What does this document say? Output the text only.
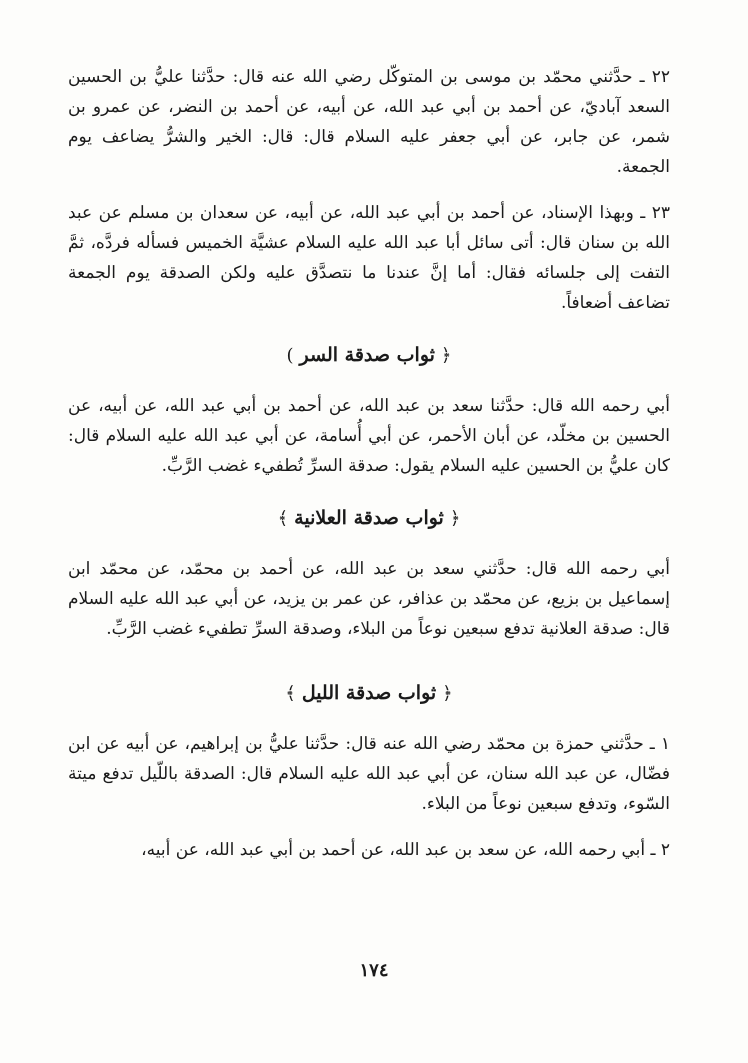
٢٢ ـ حدَّثني محمّد بن موسى بن المتوكّل رضي الله عنه قال: حدَّثنا عليُّ بن الحسين السعد آباديّ، عن أحمد بن أبي عبد الله، عن أبيه، عن أحمد بن النضر، عن عمرو بن شمر، عن جابر، عن أبي جعفر عليه السلام قال: قال: الخير والشرُّ يضاعف يوم الجمعة.

٢٣ ـ وبهذا الإسناد، عن أحمد بن أبي عبد الله، عن أبيه، عن سعدان بن مسلم عن عبد الله بن سنان قال: أتى سائل أبا عبد الله عليه السلام عشيَّة الخميس فسأله فردَّه، ثمَّ التفت إلى جلسائه فقال: أما إنَّ عندنا ما نتصدَّق عليه ولكن الصدقة يوم الجمعة تضاعف أضعافاً.

﴿ثواب صدقة السر)

أبي رحمه الله قال: حدَّثنا سعد بن عبد الله، عن أحمد بن أبي عبد الله، عن أبيه، عن الحسين بن مخلّد، عن أبان الأحمر، عن أبي أُسامة، عن أبي عبد الله عليه السلام قال: كان عليُّ بن الحسين عليه السلام يقول: صدقة السرِّ تُطفيء غضب الرَّبِّ.

﴿ثواب صدقة العلانية﴾

أبي رحمه الله قال: حدَّثني سعد بن عبد الله، عن أحمد بن محمّد، عن محمّد ابن إسماعيل بن بزيع، عن محمّد بن عذافر، عن عمر بن يزيد، عن أبي عبد الله عليه السلام قال: صدقة العلانية تدفع سبعين نوعاً من البلاء، وصدقة السرِّ تطفيء غضب الرَّبِّ.

﴿ثواب صدقة الليل﴾

١ ـ حدَّثني حمزة بن محمّد رضي الله عنه قال: حدَّثنا عليُّ بن إبراهيم، عن أبيه عن ابن فضّال، عن عبد الله سنان، عن أبي عبد الله عليه السلام قال: الصدقة باللّيل تدفع ميتة السّوء، وتدفع سبعين نوعاً من البلاء.

٢ ـ أبي رحمه الله، عن سعد بن عبد الله، عن أحمد بن أبي عبد الله، عن أبيه،

١٧٤
